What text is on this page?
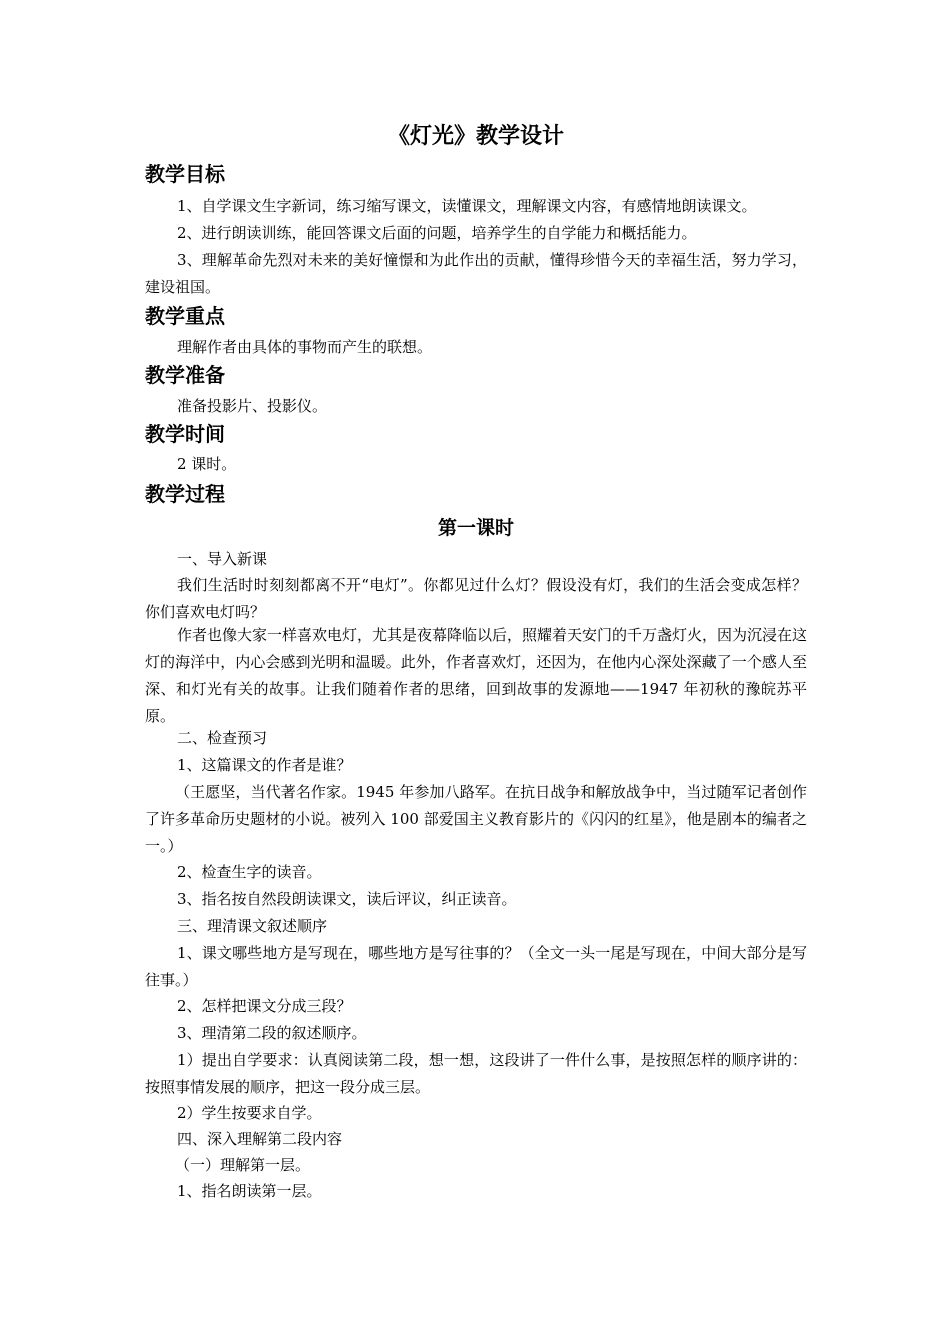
《灯光》教学设计
教学目标

1、自学课文生字新词，练习缩写课文，读懂课文，理解课文内容，有感情地朗读课文。

2、进行朗读训练，能回答课文后面的问题，培养学生的自学能力和概括能力。

3、理解革命先烈对未来的美好憧憬和为此作出的贡献，懂得珍惜今天的幸福生活，努力学习，建设祖国。

教学重点

理解作者由具体的事物而产生的联想。

教学准备

准备投影片、投影仪。

教学时间

2 课时。

教学过程
第一课时

一、导入新课

我们生活时时刻刻都离不开“电灯”。你都见过什么灯？假设没有灯，我们的生活会变成怎样？你们喜欢电灯吗？

作者也像大家一样喜欢电灯，尤其是夜幕降临以后，照耀着天安门的千万盏灯火，因为沉浸在这灯的海洋中，内心会感到光明和温暖。此外，作者喜欢灯，还因为，在他内心深处深藏了一个感人至深、和灯光有关的故事。让我们随着作者的思绪，回到故事的发源地——1947 年初秋的豫皖苏平原。

二、检查预习

1、这篇课文的作者是谁？

（王愿坚，当代著名作家。1945 年参加八路军。在抗日战争和解放战争中，当过随军记者创作了许多革命历史题材的小说。被列入 100 部爱国主义教育影片的《闪闪的红星》，他是剧本的编者之一。）

2、检查生字的读音。

3、指名按自然段朗读课文，读后评议，纠正读音。

三、理清课文叙述顺序

1、课文哪些地方是写现在，哪些地方是写往事的？（全文一头一尾是写现在，中间大部分是写往事。）

2、怎样把课文分成三段？

3、理清第二段的叙述顺序。

1）提出自学要求：认真阅读第二段，想一想，这段讲了一件什么事，是按照怎样的顺序讲的：按照事情发展的顺序，把这一段分成三层。

2）学生按要求自学。

四、深入理解第二段内容

（一）理解第一层。

1、指名朗读第一层。
